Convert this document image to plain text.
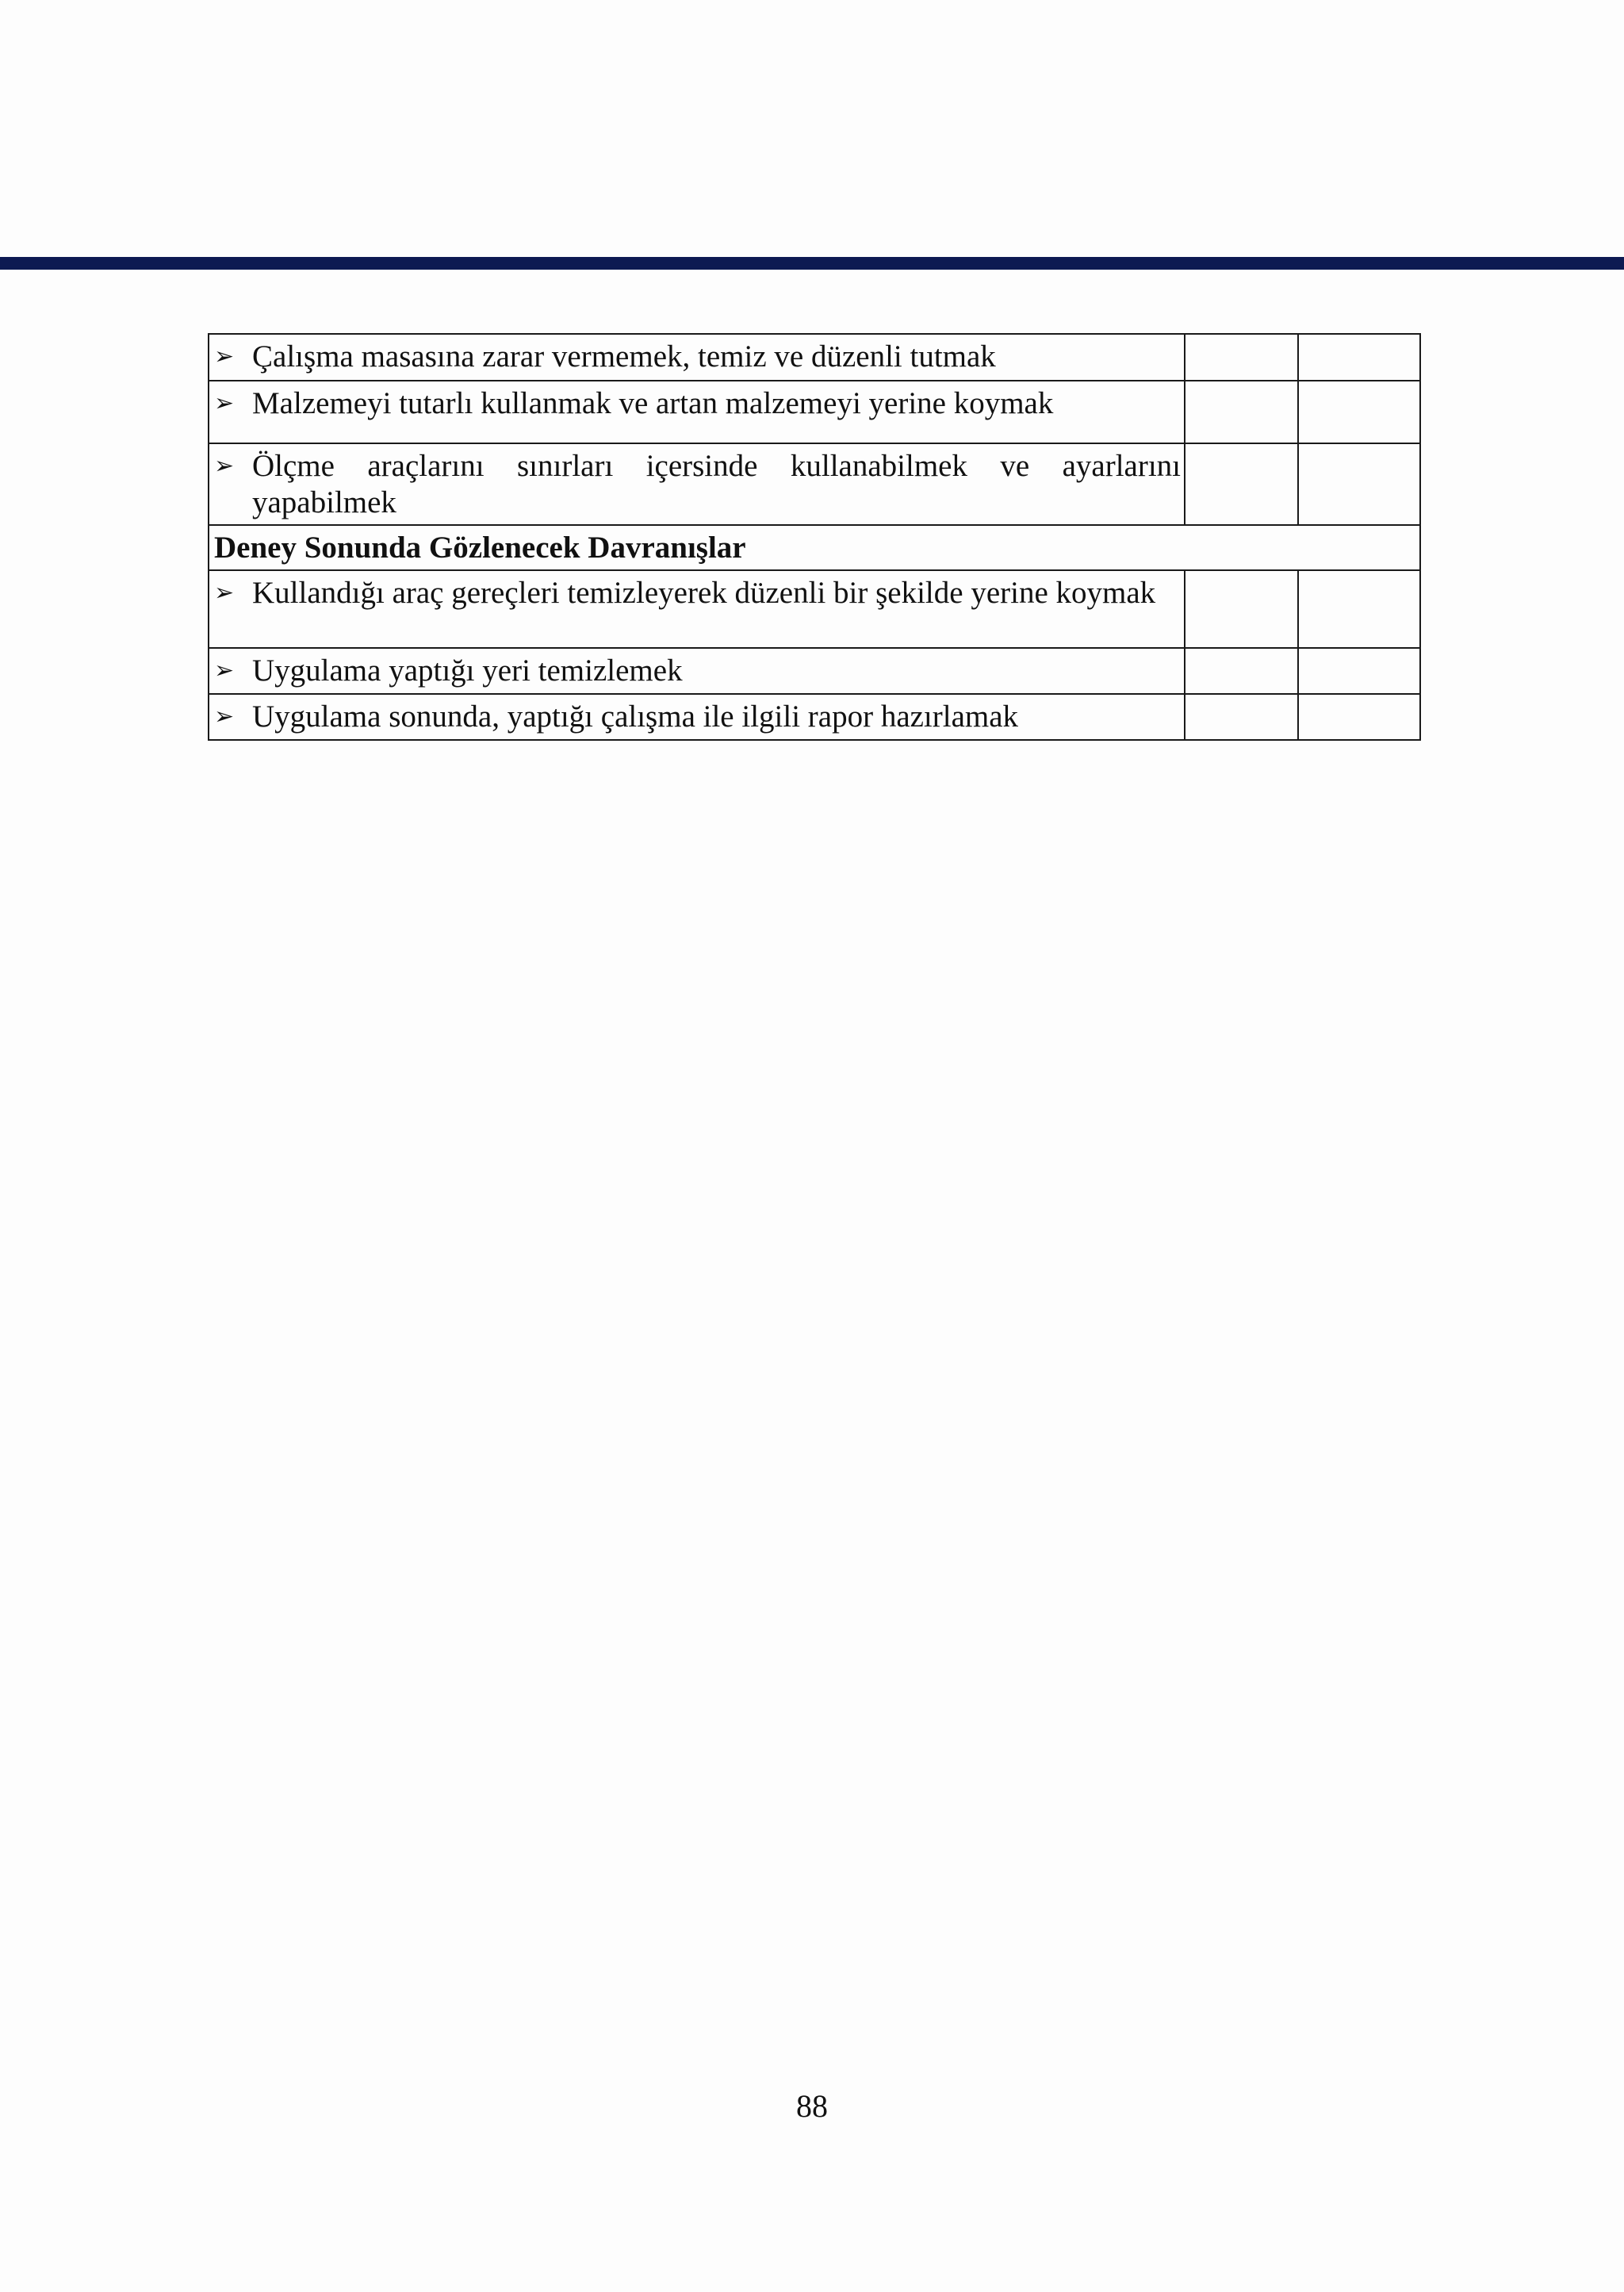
➢ Çalışma masasına zarar vermemek, temiz ve düzenli tutmak		

➢ Malzemeyi tutarlı kullanmak ve artan malzemeyi yerine koymak		

➢ Ölçme araçlarını sınırları içersinde kullanabilmek ve ayarlarını yapabilmek		

Deney Sonunda Gözlenecek Davranışlar		

➢ Kullandığı araç gereçleri temizleyerek düzenli bir şekilde yerine koymak		

➢ Uygulama yaptığı yeri temizlemek		

➢ Uygulama sonunda, yaptığı çalışma ile ilgili rapor hazırlamak		

88
